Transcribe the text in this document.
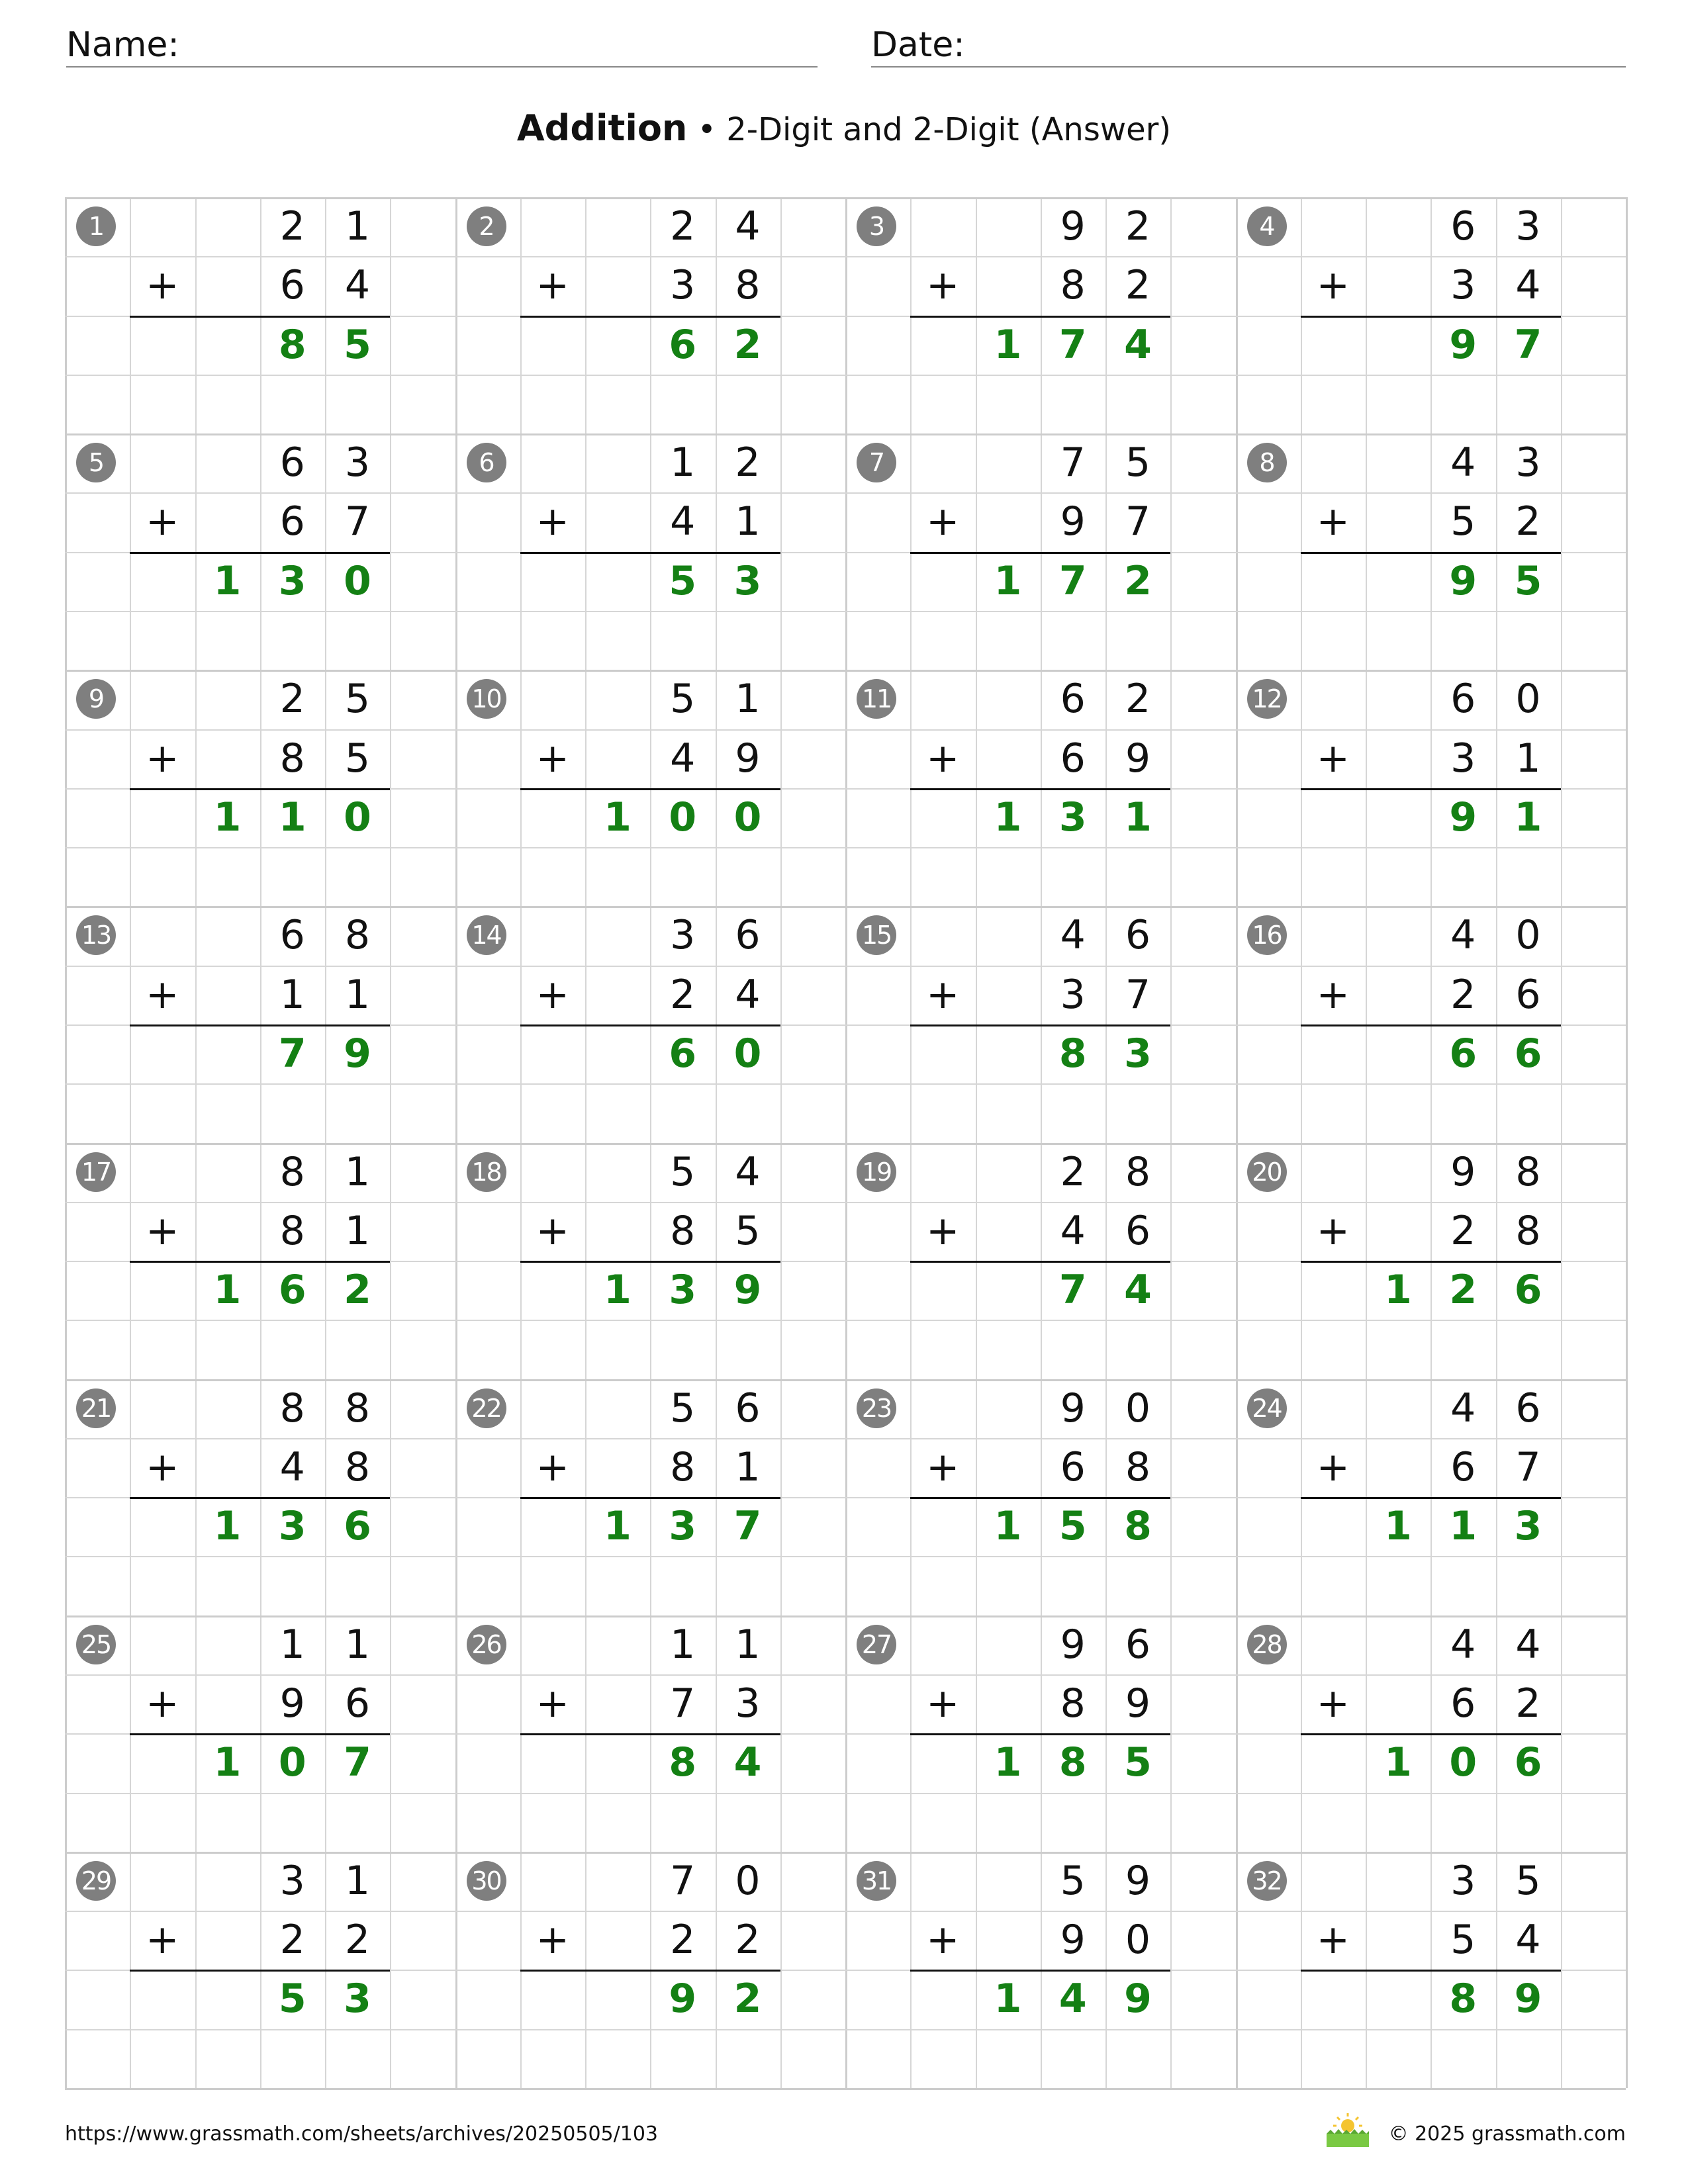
Name:	Date:
Addition • 2-Digit and 2-Digit (Answer)
1	2	1
+	6	4
8 5
2	2	4
+	3	8
6 2
3	9	2
+	8	2
1 7 4
4	6	3
+	3	4
9 7
5	6	3
+	6	7
1 3 0
6	1	2
+	4	1
5 3
7	7	5
+	9	7
1 7 2
8	4	3
+	5	2
9 5
9	2	5
+	8	5
1 1 0
10	5	1
+	4	9
1 0 0
11	6	2
+	6	9
1 3 1
12	6	0
+	3	1
9 1
13	6	8
+	1	1
7 9
14	3	6
+	2	4
6 0
15	4	6
+	3	7
8 3
16	4	0
+	2	6
6 6
17	8	1
+	8	1
1 6 2
18	5	4
+	8	5
1 3 9
19	2	8
+	4	6
7 4
20	9	8
+	2	8
1 2 6
21	8	8
+	4	8
1 3 6
22	5	6
+	8	1
1 3 7
23	9	0
+	6	8
1 5 8
24	4	6
+	6	7
1 1 3
25	1	1
+	9	6
1 0 7
26	1	1
+	7	3
8 4
27	9	6
+	8	9
1 8 5
28	4	4
+	6	2
1 0 6
29	3	1
+	2	2
5 3
30	7	0
+	2	2
9 2
31	5	9
+	9	0
1 4 9
32	3	5
+	5	4
8 9
https://www.grassmath.com/sheets/archives/20250505/103	© 2025 grassmath.com
